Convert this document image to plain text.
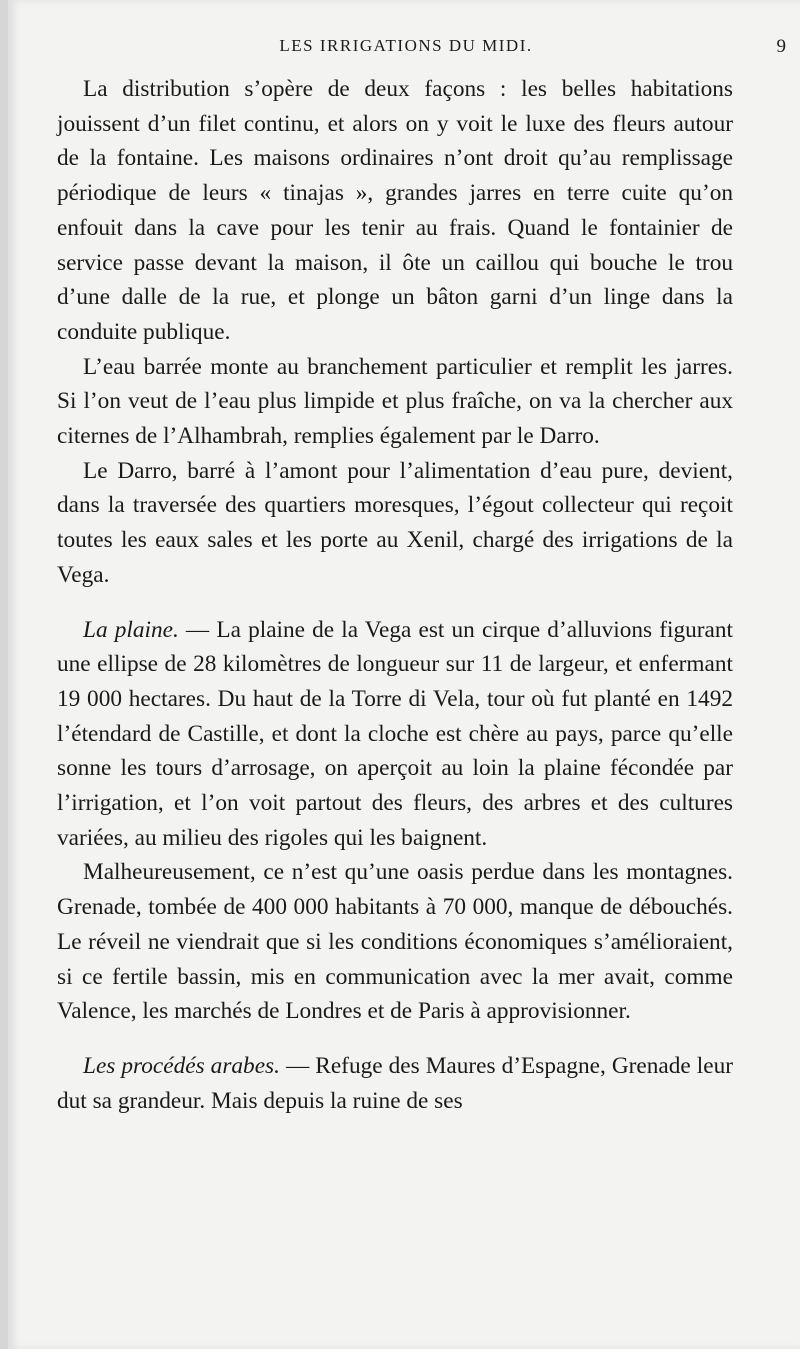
LES IRRIGATIONS DU MIDI.	9

La distribution s’opère de deux façons : les belles habitations jouissent d’un filet continu, et alors on y voit le luxe des fleurs autour de la fontaine. Les maisons ordinaires n’ont droit qu’au remplissage périodique de leurs « tinajas », grandes jarres en terre cuite qu’on enfouit dans la cave pour les tenir au frais. Quand le fontainier de service passe devant la maison, il ôte un caillou qui bouche le trou d’une dalle de la rue, et plonge un bâton garni d’un linge dans la conduite publique.

L’eau barrée monte au branchement particulier et remplit les jarres. Si l’on veut de l’eau plus limpide et plus fraîche, on va la chercher aux citernes de l’Alhambrah, remplies également par le Darro.

Le Darro, barré à l’amont pour l’alimentation d’eau pure, devient, dans la traversée des quartiers moresques, l’égout collecteur qui reçoit toutes les eaux sales et les porte au Xenil, chargé des irrigations de la Vega.

La plaine. — La plaine de la Vega est un cirque d’alluvions figurant une ellipse de 28 kilomètres de longueur sur 11 de largeur, et enfermant 19 000 hectares. Du haut de la Torre di Vela, tour où fut planté en 1492 l’étendard de Castille, et dont la cloche est chère au pays, parce qu’elle sonne les tours d’arrosage, on aperçoit au loin la plaine fécondée par l’irrigation, et l’on voit partout des fleurs, des arbres et des cultures variées, au milieu des rigoles qui les baignent.

Malheureusement, ce n’est qu’une oasis perdue dans les montagnes. Grenade, tombée de 400 000 habitants à 70 000, manque de débouchés. Le réveil ne viendrait que si les conditions économiques s’amélioraient, si ce fertile bassin, mis en communication avec la mer avait, comme Valence, les marchés de Londres et de Paris à approvisionner.

Les procédés arabes. — Refuge des Maures d’Espagne, Grenade leur dut sa grandeur. Mais depuis la ruine de ses
